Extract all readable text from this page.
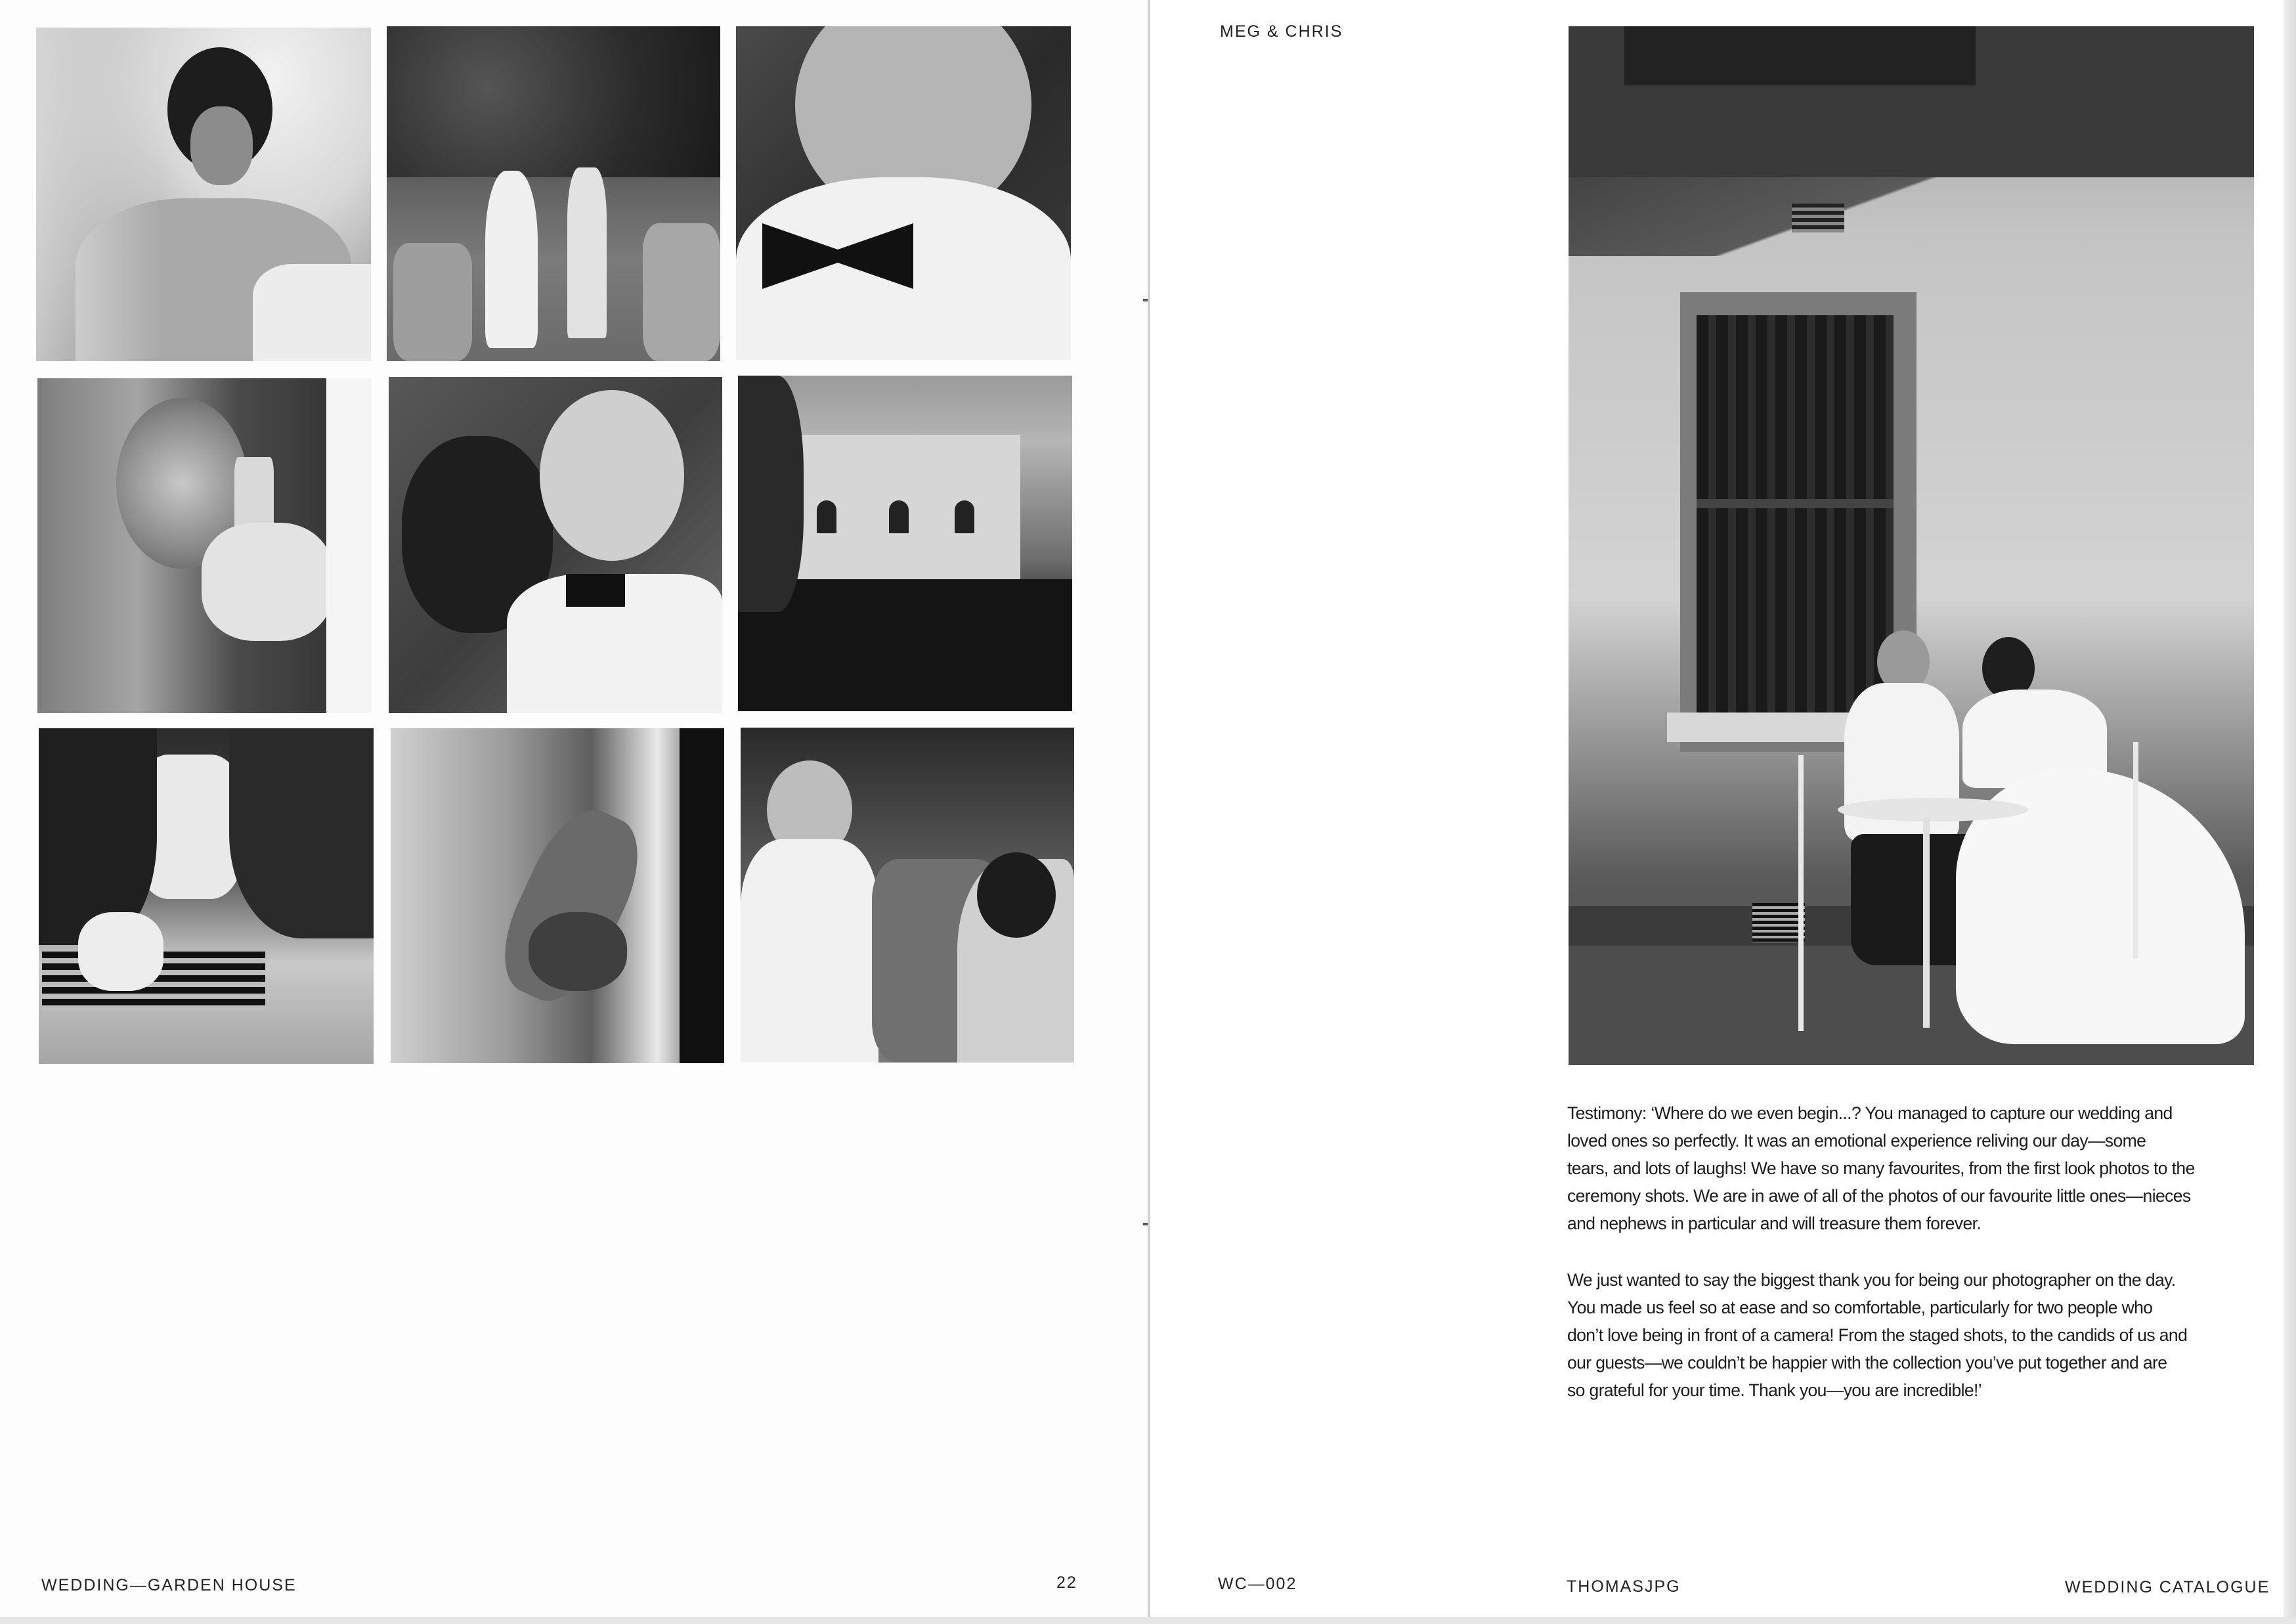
WEDDING—GARDEN HOUSE	22
MEG & CHRIS
Testimony: ‘Where do we even begin...? You managed to capture our wedding and
loved ones so perfectly. It was an emotional experience reliving our day—some
tears, and lots of laughs! We have so many favourites, from the first look photos to the
ceremony shots. We are in awe of all of the photos of our favourite little ones—nieces
and nephews in particular and will treasure them forever.
We just wanted to say the biggest thank you for being our photographer on the day.
You made us feel so at ease and so comfortable, particularly for two people who
don’t love being in front of a camera! From the staged shots, to the candids of us and
our guests—we couldn’t be happier with the collection you’ve put together and are
so grateful for your time. Thank you—you are incredible!’
WC—002	THOMASJPG	WEDDING CATALOGUE
